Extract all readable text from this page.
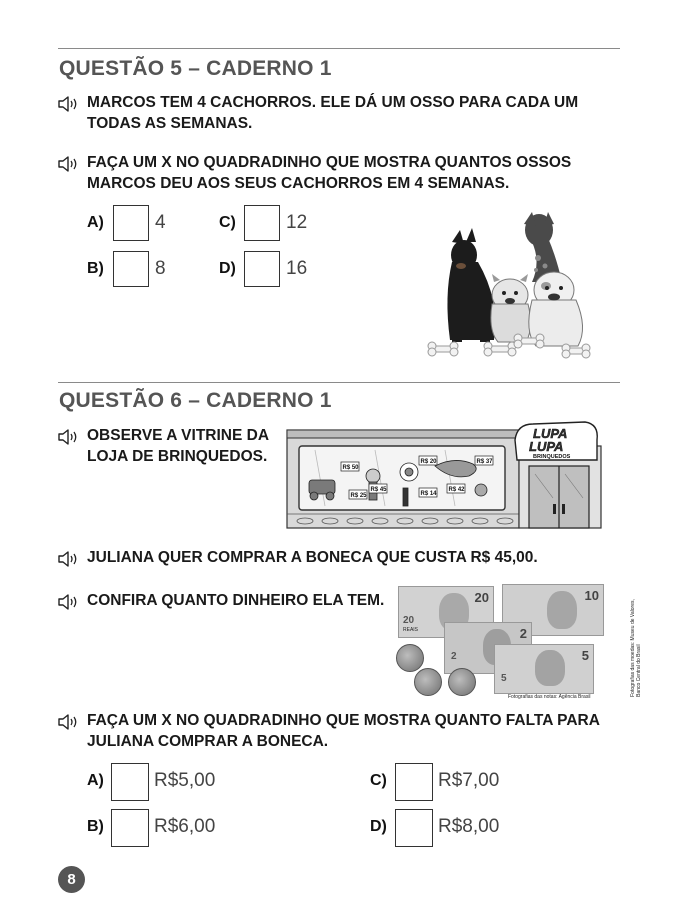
QUESTÃO 5 – CADERNO 1
MARCOS TEM 4 CACHORROS. ELE DÁ UM OSSO PARA CADA UM
TODAS AS SEMANAS.
FAÇA UM X NO QUADRADINHO QUE MOSTRA QUANTOS OSSOS
MARCOS DEU AOS SEUS CACHORROS EM 4 SEMANAS.
A)	4
B)	8
C)	12
D)	16
QUESTÃO 6 – CADERNO 1
OBSERVE A VITRINE DA
LOJA DE BRINQUEDOS.
R$ 50
R$ 20	R$ 37
R$ 45
R$ 25	R$ 14
R$ 42
LUPA
LUPA
BRINQUEDOS
JULIANA QUER COMPRAR A BONECA QUE CUSTA R$ 45,00.
CONFIRA QUANTO DINHEIRO ELA TEM.	20
20
REAIS
10
2
2	5
5
Fotografias das notas: Agência Brasil
Fotografias das moedas: Museu de Valores, Banco Central do Brasil
FAÇA UM X NO QUADRADINHO QUE MOSTRA QUANTO FALTA PARA
JULIANA COMPRAR A BONECA.
A)	R$5,00
B)	R$6,00
C)	R$7,00
D)	R$8,00
8
